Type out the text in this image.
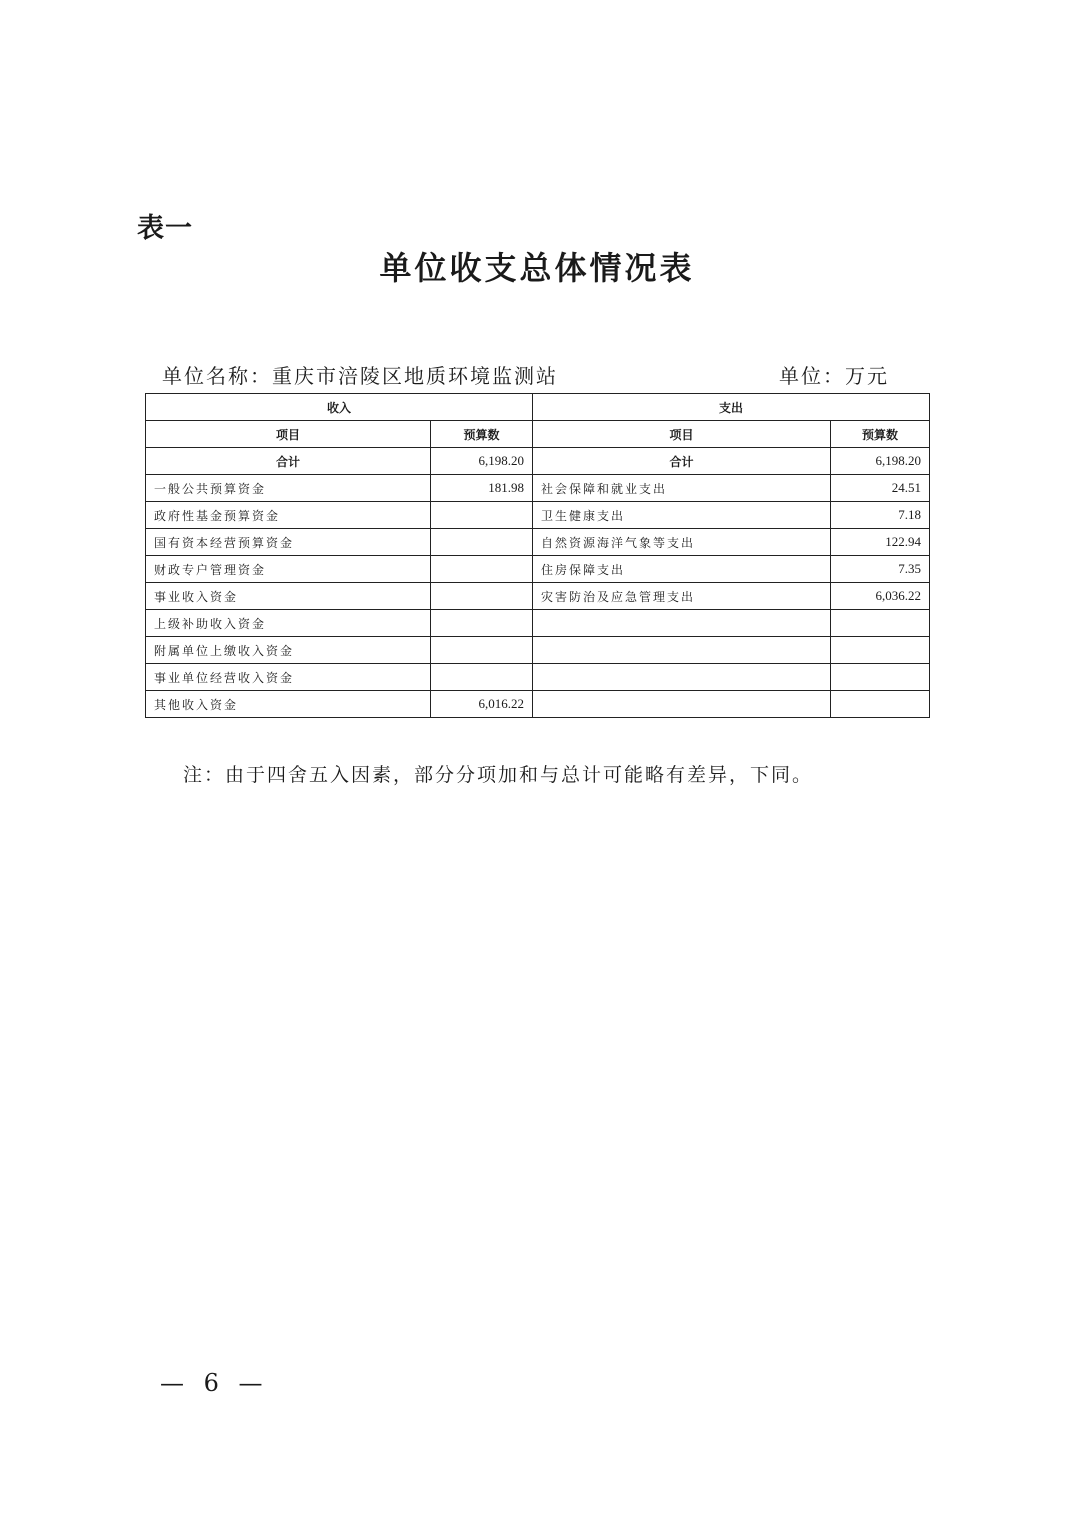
表一
单位收支总体情况表
单位名称：重庆市涪陵区地质环境监测站	单位：万元
收入		支出	
项目	预算数	项目	预算数
合计	6,198.20	合计	6,198.20
一般公共预算资金	181.98	社会保障和就业支出	24.51
政府性基金预算资金		卫生健康支出	7.18
国有资本经营预算资金		自然资源海洋气象等支出	122.94
财政专户管理资金		住房保障支出	7.35
事业收入资金		灾害防治及应急管理支出	6,036.22
上级补助收入资金			
附属单位上缴收入资金			
事业单位经营收入资金			
其他收入资金	6,016.22		
注：由于四舍五入因素，部分分项加和与总计可能略有差异，下同。
— 6 —
